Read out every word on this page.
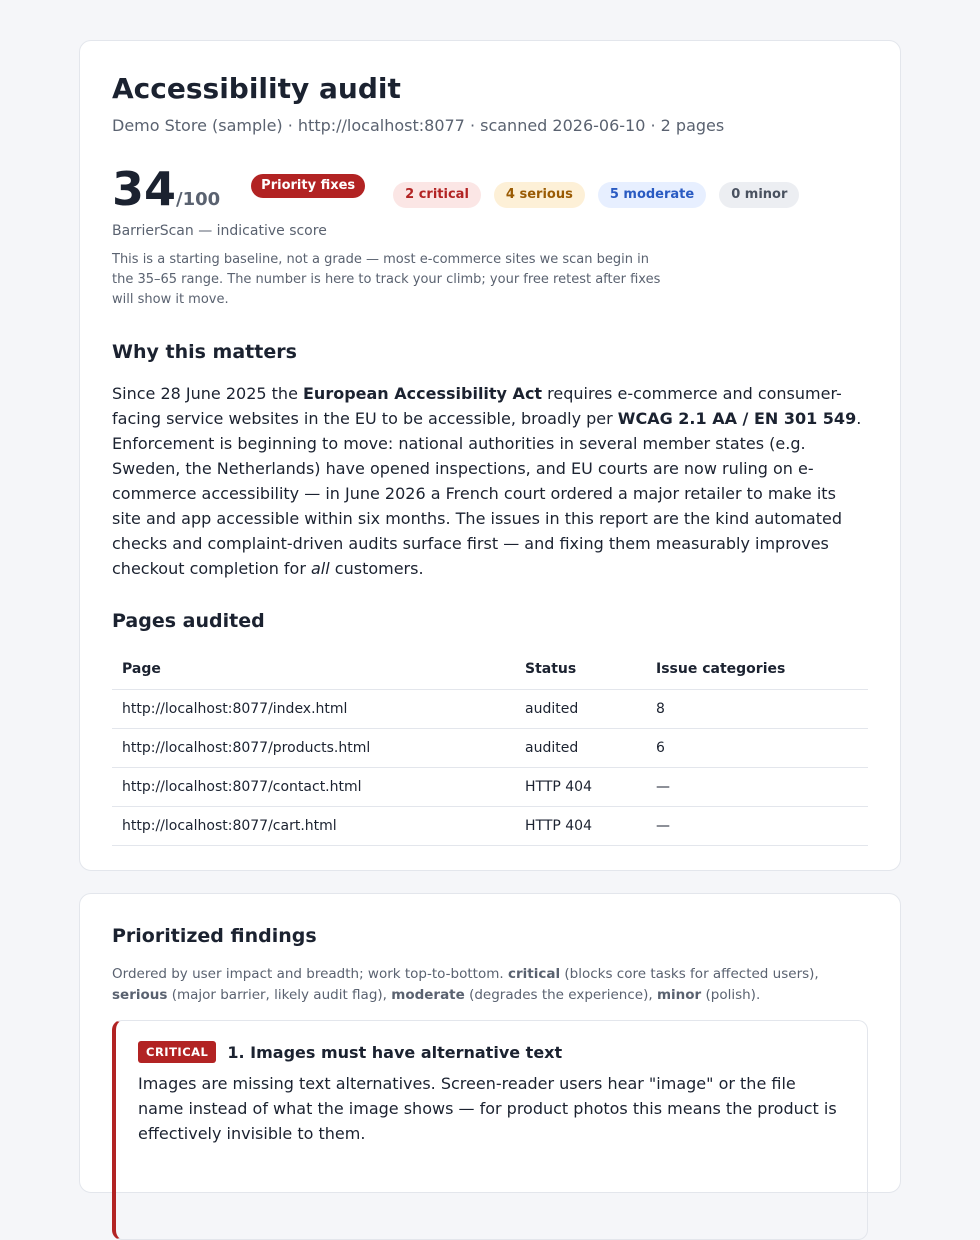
Accessibility audit
Demo Store (sample) · http://localhost:8077 · scanned 2026-06-10 · 2 pages
34 /100
Priority fixes
2 critical	4 serious	5 moderate	0 minor
BarrierScan — indicative score
This is a starting baseline, not a grade — most e-commerce sites we scan begin in the 35–65 range. The number is here to track your climb; your free retest after fixes will show it move.
Why this matters

Since 28 June 2025 the European Accessibility Act requires e-commerce and consumer-facing service websites in the EU to be accessible, broadly per WCAG 2.1 AA / EN 301 549. Enforcement is beginning to move: national authorities in several member states (e.g. Sweden, the Netherlands) have opened inspections, and EU courts are now ruling on e-commerce accessibility — in June 2026 a French court ordered a major retailer to make its site and app accessible within six months. The issues in this report are the kind automated checks and complaint-driven audits surface first — and fixing them measurably improves checkout completion for all customers.

Pages audited
Page	Status	Issue categories
http://localhost:8077/index.html	audited	8
http://localhost:8077/products.html	audited	6
http://localhost:8077/contact.html	HTTP 404	—
http://localhost:8077/cart.html	HTTP 404	—
Prioritized findings
Ordered by user impact and breadth; work top-to-bottom. critical (blocks core tasks for affected users), serious (major barrier, likely audit flag), moderate (degrades the experience), minor (polish).
CRITICAL	1. Images must have alternative text
Images are missing text alternatives. Screen-reader users hear "image" or the file name instead of what the image shows — for product photos this means the product is effectively invisible to them.
